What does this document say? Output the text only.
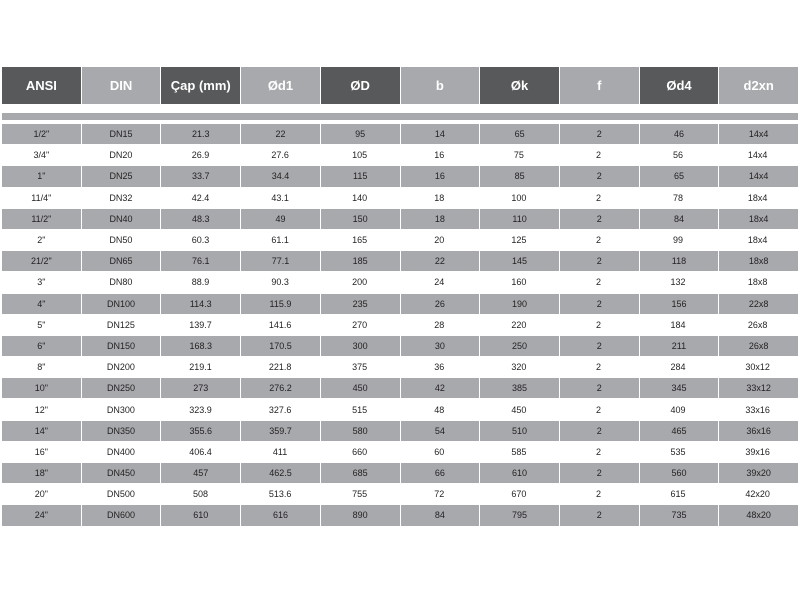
ANSI	DIN	Çap (mm)	Ød1	ØD	b	Øk	f	Ød4	d2xn
1/2"	DN15	21.3	22	95	14	65	2	46	14x4
3/4"	DN20	26.9	27.6	105	16	75	2	56	14x4
1"	DN25	33.7	34.4	115	16	85	2	65	14x4
11/4"	DN32	42.4	43.1	140	18	100	2	78	18x4
11/2"	DN40	48.3	49	150	18	110	2	84	18x4
2"	DN50	60.3	61.1	165	20	125	2	99	18x4
21/2"	DN65	76.1	77.1	185	22	145	2	118	18x8
3"	DN80	88.9	90.3	200	24	160	2	132	18x8
4"	DN100	114.3	115.9	235	26	190	2	156	22x8
5"	DN125	139.7	141.6	270	28	220	2	184	26x8
6"	DN150	168.3	170.5	300	30	250	2	211	26x8
8"	DN200	219.1	221.8	375	36	320	2	284	30x12
10"	DN250	273	276.2	450	42	385	2	345	33x12
12"	DN300	323.9	327.6	515	48	450	2	409	33x16
14"	DN350	355.6	359.7	580	54	510	2	465	36x16
16"	DN400	406.4	411	660	60	585	2	535	39x16
18"	DN450	457	462.5	685	66	610	2	560	39x20
20"	DN500	508	513.6	755	72	670	2	615	42x20
24"	DN600	610	616	890	84	795	2	735	48x20
